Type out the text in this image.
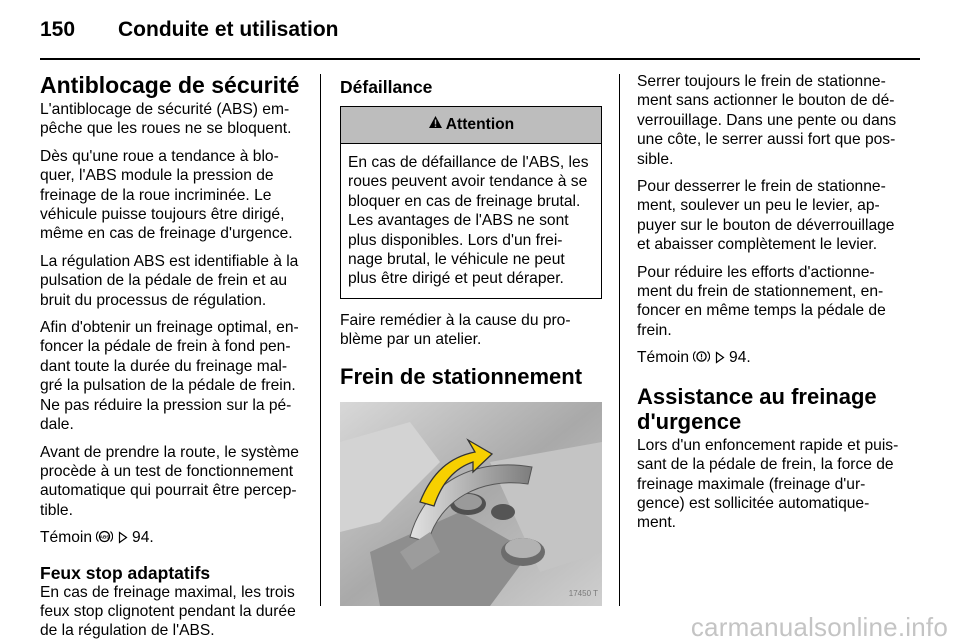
150 Conduite et utilisation
Antiblocage de sécurité

L'antiblocage de sécurité (ABS) em-pêche que les roues ne se bloquent.

Dès qu'une roue a tendance à blo-quer, l'ABS module la pression de freinage de la roue incriminée. Le véhicule puisse toujours être dirigé, même en cas de freinage d'urgence.

La régulation ABS est identifiable à la pulsation de la pédale de frein et au bruit du processus de régulation.

Afin d'obtenir un freinage optimal, en-foncer la pédale de frein à fond pen-dant toute la durée du freinage mal-gré la pulsation de la pédale de frein. Ne pas réduire la pression sur la pé-dale.

Avant de prendre la route, le système procède à un test de fonctionnement automatique qui pourrait être percep-tible.

Témoin ABS 94.

Feux stop adaptatifs

En cas de freinage maximal, les trois feux stop clignotent pendant la durée de la régulation de l'ABS.

Défaillance
Attention
En cas de défaillance de l'ABS, les roues peuvent avoir tendance à se bloquer en cas de freinage brutal. Les avantages de l'ABS ne sont plus disponibles. Lors d'un frei-nage brutal, le véhicule ne peut plus être dirigé et peut déraper.

Faire remédier à la cause du pro-blème par un atelier.

Frein de stationnement
17450 T

Serrer toujours le frein de stationne-ment sans actionner le bouton de dé-verrouillage. Dans une pente ou dans une côte, le serrer aussi fort que pos-sible.

Pour desserrer le frein de stationne-ment, soulever un peu le levier, ap-puyer sur le bouton de déverrouillage et abaisser complètement le levier.

Pour réduire les efforts d'actionne-ment du frein de stationnement, en-foncer en même temps la pédale de frein.

Témoin	94.

Assistance au freinage
d'urgence

Lors d'un enfoncement rapide et puis-sant de la pédale de frein, la force de freinage maximale (freinage d'ur-gence) est sollicitée automatique-ment.

carmanualsonline.info
